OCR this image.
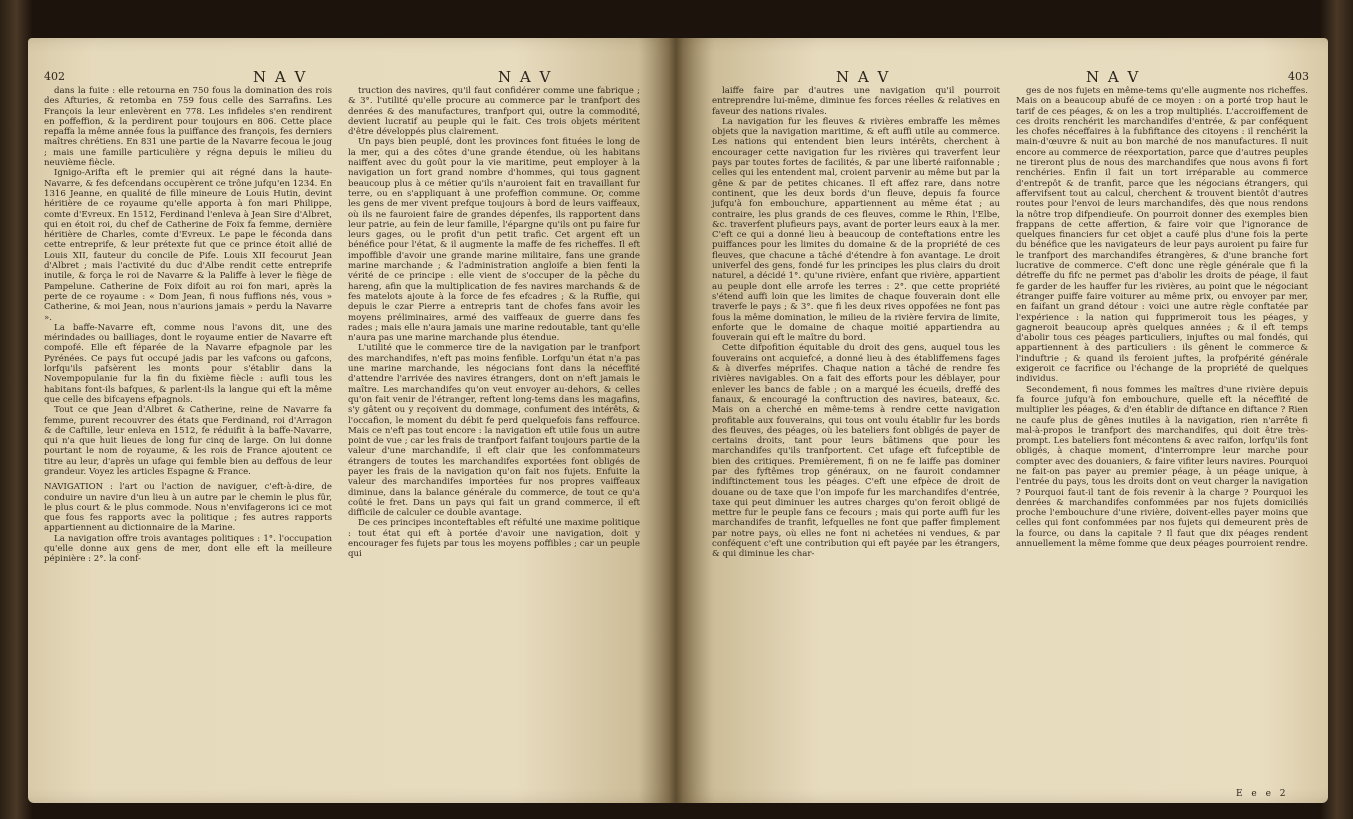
402	N A V	N A V

dans la fuite : elle retourna en 750 fous la domination des rois des Afturies, & retomba en 759 fous celle des Sarrafins. Les François la leur enlevèrent en 778. Les infideles s'en rendirent en poffeffion, & la perdirent pour toujours en 806. Cette place repaffa la même année fous la puiffance des françois, fes derniers maîtres chrétiens. En 831 une partie de la Navarre fecoua le joug ; mais une famille particulière y régna depuis le milieu du neuvième fiècle.

Ignigo-Arifta eft le premier qui ait régné dans la haute-Navarre, & fes defcendans occupèrent ce trône jufqu'en 1234. En 1316 Jeanne, en qualité de fille mineure de Louis Hutin, devint héritière de ce royaume qu'elle apporta à fon mari Philippe, comte d'Evreux. En 1512, Ferdinand l'enleva à Jean Sire d'Albret, qui en étoit roi, du chef de Catherine de Foix fa femme, dernière héritière de Charles, comte d'Evreux. Le pape le féconda dans cette entreprife, & leur prétexte fut que ce prince étoit allié de Louis XII, fauteur du concile de Pife. Louis XII fecourut Jean d'Albret ; mais l'activité du duc d'Albe rendit cette entreprife inutile, & força le roi de Navarre & la Paliffe à lever le fiège de Pampelune. Catherine de Foix difoit au roi fon mari, après la perte de ce royaume : « Dom Jean, fi nous fuffions nés, vous » Catherine, & moi Jean, nous n'aurions jamais » perdu la Navarre ».

La baffe-Navarre eft, comme nous l'avons dit, une des mérindades ou bailliages, dont le royaume entier de Navarre eft compofé. Elle eft féparée de la Navarre efpagnole par les Pyrénées. Ce pays fut occupé jadis par les vafcons ou gafcons, lorfqu'ils pafsèrent les monts pour s'établir dans la Novempopulanie fur la fin du fixième fiècle : aufli tous les habitans font-ils bafques, & parlent-ils la langue qui eft la même que celle des bifcayens efpagnols.

Tout ce que Jean d'Albret & Catherine, reine de Navarre fa femme, purent recouvrer des états que Ferdinand, roi d'Arragon & de Caftille, leur enleva en 1512, fe réduifit à la baffe-Navarre, qui n'a que huit lieues de long fur cinq de large. On lui donne pourtant le nom de royaume, & les rois de France ajoutent ce titre au leur, d'après un ufage qui femble bien au deffous de leur grandeur. Voyez les articles Espagne & France.

NAVIGATION : l'art ou l'action de naviguer, c'eft-à-dire, de conduire un navire d'un lieu à un autre par le chemin le plus fûr, le plus court & le plus commode. Nous n'envifagerons ici ce mot que fous fes rapports avec la politique ; fes autres rapports appartiennent au dictionnaire de la Marine.

La navigation offre trois avantages politiques : 1°. l'occupation qu'elle donne aux gens de mer, dont elle eft la meilleure pépinière : 2°. la conf-

truction des navires, qu'il faut confidérer comme une fabrique ; & 3°. l'utilité qu'elle procure au commerce par le tranfport des denrées & des manufactures, tranfport qui, outre la commodité, devient lucratif au peuple qui le fait. Ces trois objets méritent d'être développés plus clairement.

Un pays bien peuplé, dont les provinces font fituées le long de la mer, qui a des côtes d'une grande étendue, où les habitans naiffent avec du goût pour la vie maritime, peut employer à la navigation un fort grand nombre d'hommes, qui tous gagnent beaucoup plus à ce métier qu'ils n'auroient fait en travaillant fur terre, ou en s'appliquant à une profeffion commune. Or, comme les gens de mer vivent prefque toujours à bord de leurs vaiffeaux, où ils ne fauroient faire de grandes dépenfes, ils rapportent dans leur patrie, au fein de leur famille, l'épargne qu'ils ont pu faire fur leurs gages, ou le profit d'un petit trafic. Cet argent eft un bénéfice pour l'état, & il augmente la maffe de fes richeffes. Il eft impoffible d'avoir une grande marine militaire, fans une grande marine marchande ; & l'administration angloife a bien fenti la vérité de ce principe : elle vient de s'occuper de la pêche du hareng, afin que la multiplication de fes navires marchands & de fes matelots ajoute à la force de fes efcadres ; & la Ruffie, qui depuis le czar Pierre a entrepris tant de chofes fans avoir les moyens préliminaires, armé des vaiffeaux de guerre dans fes rades ; mais elle n'aura jamais une marine redoutable, tant qu'elle n'aura pas une marine marchande plus étendue.

L'utilité que le commerce tire de la navigation par le tranfport des marchandifes, n'eft pas moins fenfible. Lorfqu'un état n'a pas une marine marchande, les négocians font dans la néceffité d'attendre l'arrivée des navires étrangers, dont on n'eft jamais le maître. Les marchandifes qu'on veut envoyer au-dehors, & celles qu'on fait venir de l'étranger, reftent long-tems dans les magafins, s'y gâtent ou y reçoivent du dommage, confument des intérêts, & l'occafion, le moment du débit fe perd quelquefois fans reffource. Mais ce n'eft pas tout encore : la navigation eft utile fous un autre point de vue ; car les frais de tranfport faifant toujours partie de la valeur d'une marchandife, il eft clair que les confommateurs étrangers de toutes les marchandifes exportées font obligés de payer les frais de la navigation qu'on fait nos fujets. Enfuite la valeur des marchandifes importées fur nos propres vaiffeaux diminue, dans la balance générale du commerce, de tout ce qu'a coûté le fret. Dans un pays qui fait un grand commerce, il eft difficile de calculer ce double avantage.

De ces principes inconteftables eft réfulté une maxime politique : tout état qui eft à portée d'avoir une navigation, doit y encourager fes fujets par tous les moyens poffibles ; car un peuple qui

N A V	N A V	403

laiffe faire par d'autres une navigation qu'il pourroit entreprendre lui-même, diminue fes forces réelles & relatives en faveur des nations rivales.

La navigation fur les fleuves & rivières embraffe les mêmes objets que la navigation maritime, & eft auffi utile au commerce. Les nations qui entendent bien leurs intérêts, cherchent à encourager cette navigation fur les rivières qui traverfent leur pays par toutes fortes de facilités, & par une liberté raifonnable ; celles qui les entendent mal, croient parvenir au même but par la gêne & par de petites chicanes. Il eft affez rare, dans notre continent, que les deux bords d'un fleuve, depuis fa fource jufqu'à fon embouchure, appartiennent au même état ; au contraire, les plus grands de ces fleuves, comme le Rhin, l'Elbe, &c. traverfent plufieurs pays, avant de porter leurs eaux à la mer. C'eft ce qui a donné lieu à beaucoup de conteftations entre les puiffances pour les limites du domaine & de la propriété de ces fleuves, que chacune a tâché d'étendre à fon avantage. Le droit univerfel des gens, fondé fur les principes les plus clairs du droit naturel, a décidé 1°. qu'une rivière, enfant que rivière, appartient au peuple dont elle arrofe les terres : 2°. que cette propriété s'étend auffi loin que les limites de chaque fouverain dont elle traverfe le pays ; & 3°. que fi les deux rives oppofées ne font pas fous la même domination, le milieu de la rivière fervira de limite, enforte que le domaine de chaque moitié appartiendra au fouverain qui eft le maître du bord.

Cette difpofition équitable du droit des gens, auquel tous les fouverains ont acquiefcé, a donné lieu à des établiffemens fages & à diverfes méprifes. Chaque nation a tâché de rendre fes rivières navigables. On a fait des efforts pour les déblayer, pour enlever les bancs de fable ; on a marqué les écueils, dreffé des fanaux, & encouragé la conftruction des navires, bateaux, &c. Mais on a cherché en même-tems à rendre cette navigation profitable aux fouverains, qui tous ont voulu établir fur les bords des fleuves, des péages, où les bateliers font obligés de payer de certains droits, tant pour leurs bâtimens que pour les marchandifes qu'ils tranfportent. Cet ufage eft fufceptible de bien des critiques. Premièrement, fi on ne fe laiffe pas dominer par des fyftêmes trop généraux, on ne fauroit condamner indiftinctement tous les péages. C'eft une efpèce de droit de douane ou de taxe que l'on impofe fur les marchandifes d'entrée, taxe qui peut diminuer les autres charges qu'on feroit obligé de mettre fur le peuple fans ce fecours ; mais qui porte auffi fur les marchandifes de tranfit, lefquelles ne font que paffer fimplement par notre pays, où elles ne font ni achetées ni vendues, & par conféquent c'eft une contribution qui eft payée par les étrangers, & qui diminue les char-

ges de nos fujets en même-tems qu'elle augmente nos richeffes. Mais on a beaucoup abufé de ce moyen : on a porté trop haut le tarif de ces péages, & on les a trop multipliés. L'accroiffement de ces droits renchérit les marchandifes d'entrée, & par conféquent les chofes néceffaires à la fubfiftance des citoyens : il renchérit la main-d'œuvre & nuit au bon marché de nos manufactures. Il nuit encore au commerce de réexportation, parce que d'autres peuples ne tireront plus de nous des marchandifes que nous avons fi fort renchéries. Enfin il fait un tort irréparable au commerce d'entrepôt & de tranfit, parce que les négocians étrangers, qui affervifsent tout au calcul, cherchent & trouvent bientôt d'autres routes pour l'envoi de leurs marchandifes, dès que nous rendons la nôtre trop difpendieufe. On pourroit donner des exemples bien frappans de cette affertion, & faire voir que l'ignorance de quelques financiers fur cet objet a caufé plus d'une fois la perte du bénéfice que les navigateurs de leur pays auroient pu faire fur le tranfport des marchandifes étrangères, & d'une branche fort lucrative de commerce. C'eft donc une règle générale que fi la détreffe du fifc ne permet pas d'abolir les droits de péage, il faut fe garder de les hauffer fur les rivières, au point que le négociant étranger puiffe faire voiturer au même prix, ou envoyer par mer, en faifant un grand détour : voici une autre règle conftatée par l'expérience : la nation qui fupprimeroit tous les péages, y gagneroit beaucoup après quelques années ; & il eft temps d'abolir tous ces péages particuliers, injuftes ou mal fondés, qui appartiennent à des particuliers : ils gênent le commerce & l'induftrie ; & quand ils feroient juftes, la profpérité générale exigeroit ce facrifice ou l'échange de la propriété de quelques individus.

Secondement, fi nous fommes les maîtres d'une rivière depuis fa fource jufqu'à fon embouchure, quelle eft la néceffité de multiplier les péages, & d'en établir de diftance en diftance ? Rien ne caufe plus de gênes inutiles à la navigation, rien n'arrête fi mal-à-propos le tranfport des marchandifes, qui doit être très-prompt. Les bateliers font mécontens & avec raifon, lorfqu'ils font obligés, à chaque moment, d'interrompre leur marche pour compter avec des douaniers, & faire vifiter leurs navires. Pourquoi ne fait-on pas payer au premier péage, à un péage unique, à l'entrée du pays, tous les droits dont on veut charger la navigation ? Pourquoi faut-il tant de fois revenir à la charge ? Pourquoi les denrées & marchandifes confommées par nos fujets domiciliés proche l'embouchure d'une rivière, doivent-elles payer moins que celles qui font confommées par nos fujets qui demeurent près de la fource, ou dans la capitale ? Il faut que dix péages rendent annuellement la même fomme que deux péages pourroient rendre.

E e e 2
